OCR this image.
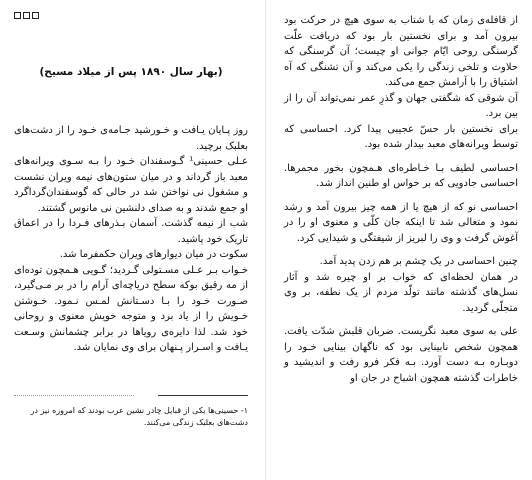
(بهار سال ۱۸۹۰ پس از میلاد مسیح)

روز پـایان یـافت و خـورشید جـامه‌ی خـود را از دشت‌های بعلبک برچید.

عـلی حسینی¹ گـوسفندان خـود را بـه سـوی ویرانه‌های معبد باز گرداند و در میان ستون‌های نیمه ویران نشست و مشغول نی نواختن شد در حالی که گوسفندان‌گرداگرد او جمع شدند و به صدای دلنشین نی مانوس گشتند.

شب از نیمه گذشت. آسمان بـذرهای فـردا را در اعماق تاریک خود پاشید.

سکوت در میان دیوارهای ویران حکمفرما شد.

خـواب بـر عـلی مسـتولی گـردید؛ گـویی هـمچون توده‌ای از مه رقیق بوکه سطح دریاچه‌ای آرام را در بر مـی‌گیرد، صـورت خـود را بـا دسـتانش لمـس نـمود. خـوشتن خـویش را از یاد برد و متوجه خویش معنوی و روحانی خود شد. لذا دایره‌ی رویاها در برابر چشمانش وسـعت یـافت و اسـرار پـنهان برای وی نمایان شد.

۱- حسینی‌ها یکی از قبایل چادر نشین عرب بودند که امروزه نیز در دشت‌های بعلبک زندگی می‌کنند.

از قافله‌ی زمان که با شتاب به سوی هیچ در حرکت بود بیرون آمد و برای نخستین بار بود که دریافت علّت گرسنگی روحی ایّام جوانی او چیست؛ آن گرسنگی که حلاوت و تلخی زندگی را یکی می‌کند و آن تشنگی که آه اشتیاق را با آرامش جمع می‌کند.

آن شوقی که شگفتی جهان و گذرِ عمر نمی‌تواند آن را از بین برد.

برای نخستین بار حسّ عجیبی پیدا کرد. احساسی که توسط ویرانه‌های معبد بیدار شده بود.

احساسی لطیف بـا خـاطره‌ای هـمچون بخور مجمرها. احساسی جادویی که بر حواس او طنین انداز شد.

احساسی نو که از هیچ یا از همه چیز بیرون آمد و رشد نمود و متعالی شد تا اینکه جان کلّی و معنوی او را در آغوش گرفت و وی را لبریز از شیفتگی و شیدایی کرد.

چنین احساسی در یک چشم بر هم زدن پدید آمد.

در همان لحظه‌ای که خواب بر او چیره شد و آثار نسل‌های گذشته مانند تولّد مردم از یک نطفه، بر وی متجلّی گردید.

علی به سوی معبد نگریست. ضربان قلبش شدّت یافت. همچون شخص نابینایی بود که ناگهان بینایی خـود را دوبـاره بـه دست آورد. بـه فکر فرو رفت و اندیشید و خاطرات گذشته همچون اشباح در جان او
